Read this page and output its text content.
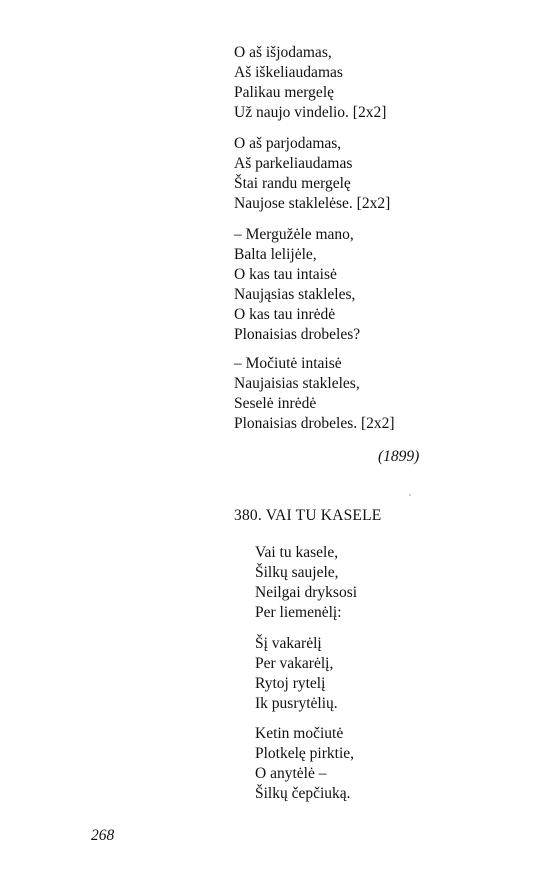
O aš išjodamas,
Aš iškeliaudamas
Palikau mergelę
Už naujo vindelio. [2x2]
O aš parjodamas,
Aš parkeliaudamas
Štai randu mergelę
Naujose staklelėse. [2x2]
– Mergužėle mano,
Balta lelijėle,
O kas tau intaisė
Naująsias stakleles,
O kas tau inrėdė
Plonaisias drobeles?
– Močiutė intaisė
Naujaisias stakleles,
Seselė inrėdė
Plonaisias drobeles. [2x2]
(1899)
380. VAI TU KASELE
Vai tu kasele,
Šilkų saujele,
Neilgai dryksosi
Per liemenėlį:
Šį vakarėlį
Per vakarėlį,
Rytoj rytelį
Ik pusrytėlių.
Ketin močiutė
Plotkelę pirktie,
O anytėlė –
Šilkų čepčiuką.
268
